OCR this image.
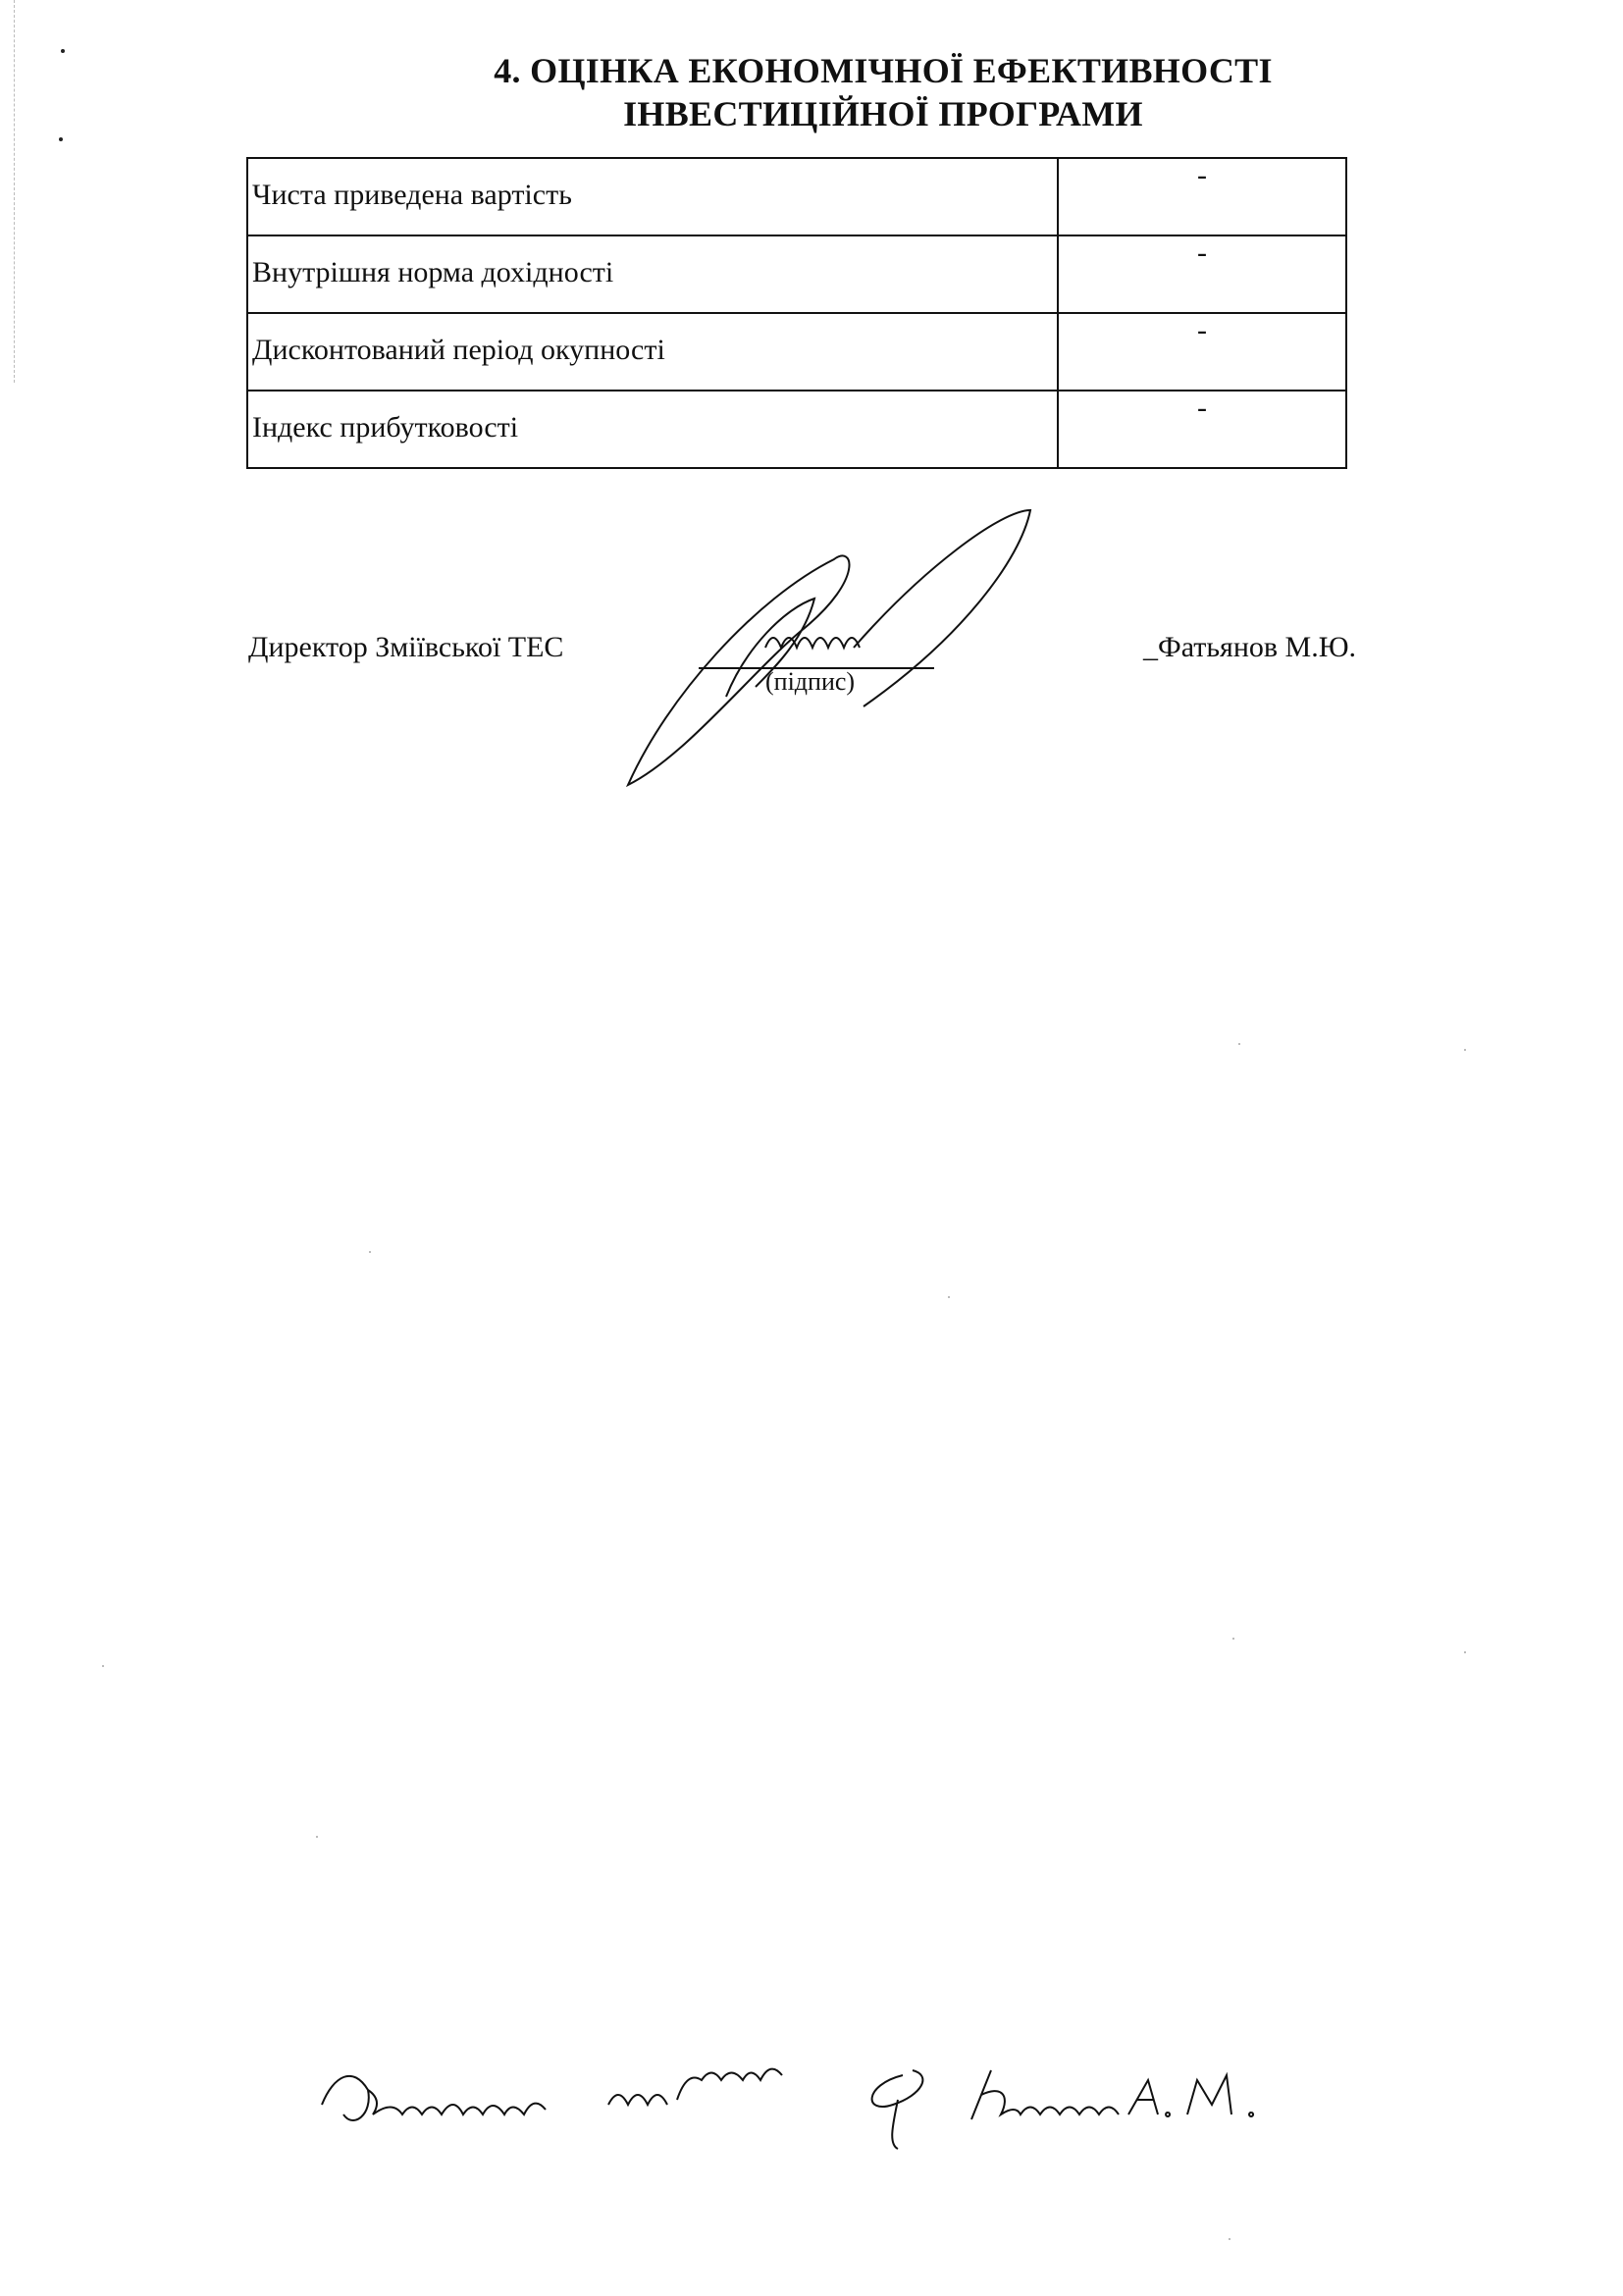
4. ОЦІНКА ЕКОНОМІЧНОЇ ЕФЕКТИВНОСТІ
ІНВЕСТИЦІЙНОЇ ПРОГРАМИ
Чиста приведена вартість	-
Внутрішня норма дохідності	-
Дисконтований період окупності	-
Індекс прибутковості	-
Директор Зміївської ТЕС
(підпис)
_Фатьянов М.Ю.
Виконавець нач. ВКБтаР Коменко А.М.
